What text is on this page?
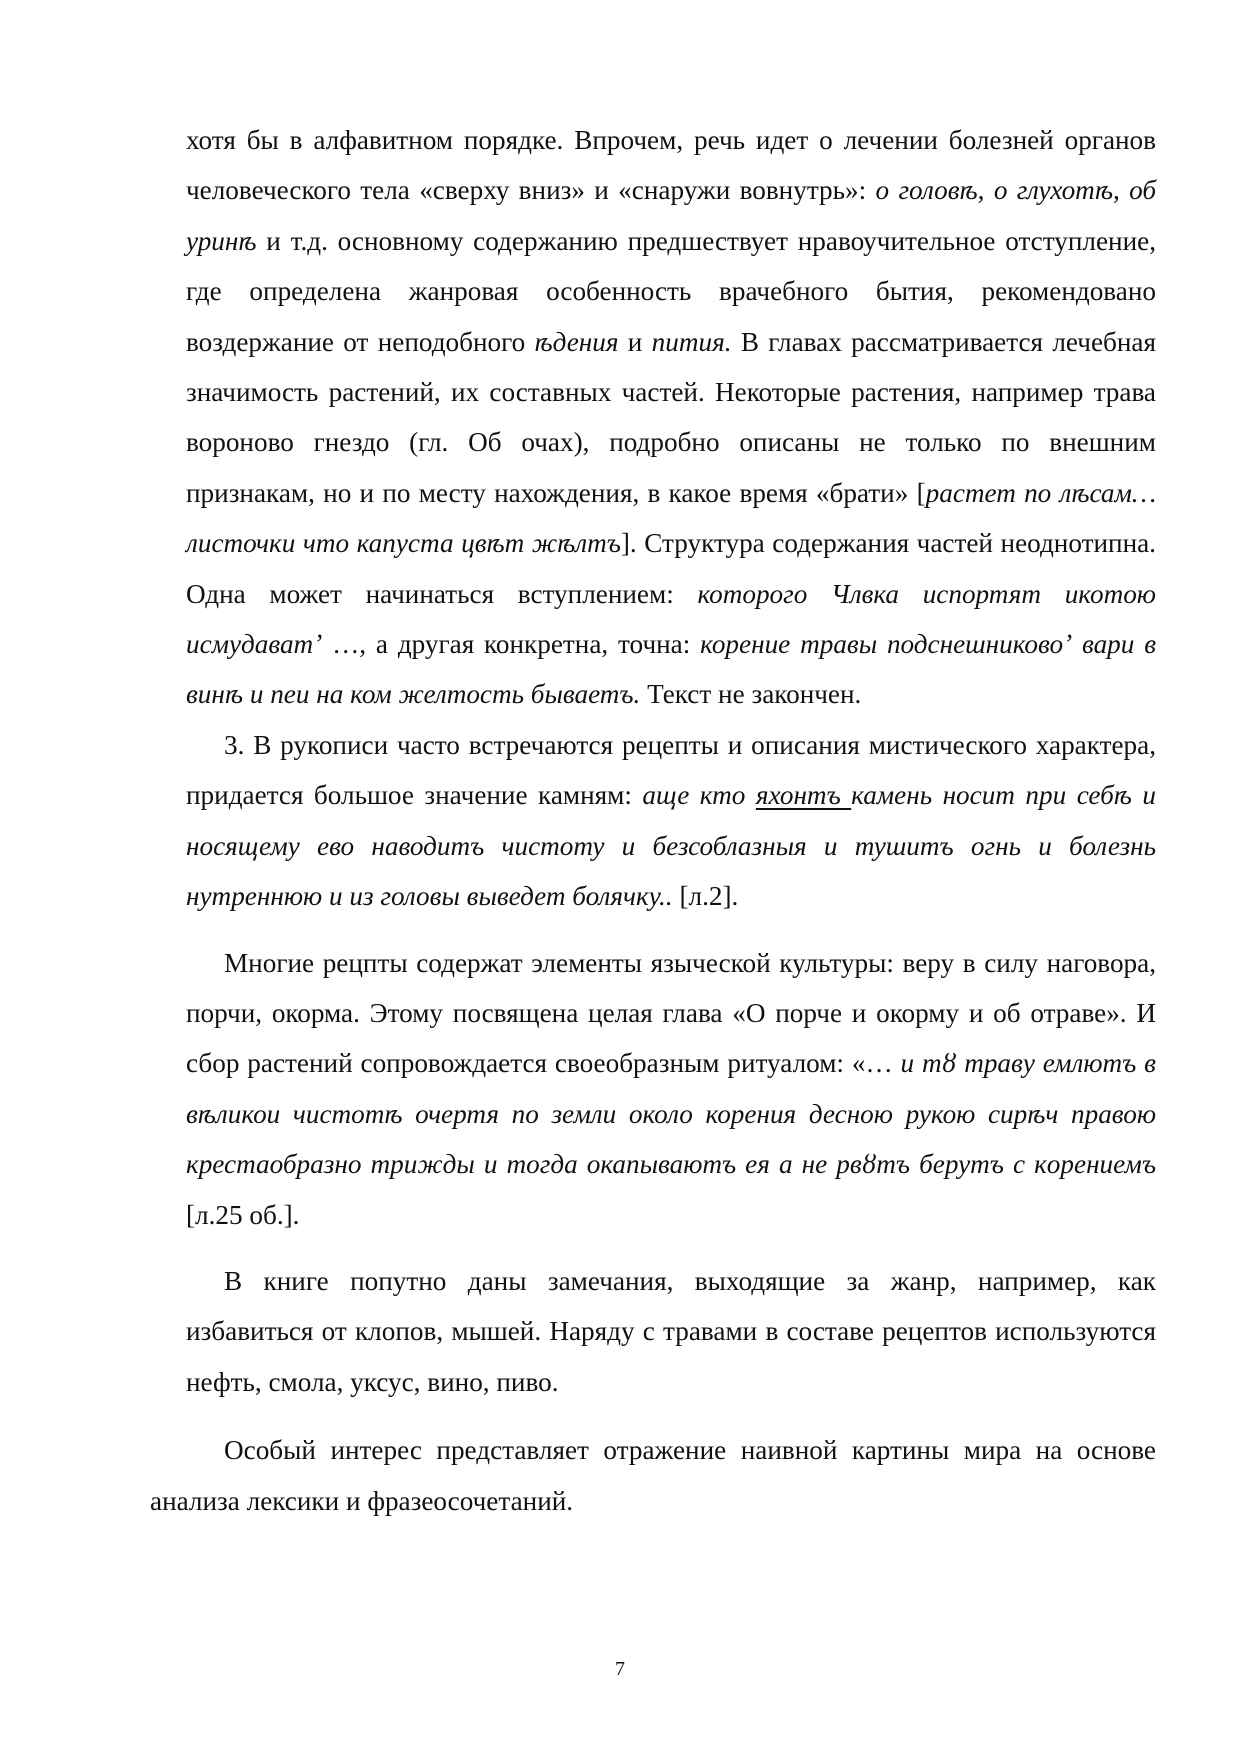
хотя бы в алфавитном порядке. Впрочем, речь идет о лечении болезней органов человеческого тела «сверху вниз» и «снаружи вовнутрь»: о головѣ, о глухотѣ, об уринѣ и т.д. основному содержанию предшествует нравоучительное отступление, где определена жанровая особенность врачебного бытия, рекомендовано воздержание от неподобного ѣдения и пития. В главах рассматривается лечебная значимость растений, их составных частей. Некоторые растения, например трава вороново гнездо (гл. Об очах), подробно описаны не только по внешним признакам, но и по месту нахождения, в какое время «брати» [растет по лѣсам…листочки что капуста цвѣт жѣлтъ]. Структура содержания частей неоднотипна. Одна может начинаться вступлением: которого Члвка испортят икотою исмудаватʼ …, а другая конкретна, точна: корение травы подснешниковоʼ вари в винѣ и пеи на ком желтость бываетъ. Текст не закончен.

3. В рукописи часто встречаются рецепты и описания мистического характера, придается большое значение камням: аще кто яхонтъ камень носит при себѣ и носящему ево наводитъ чистоту и безсоблазныя и тушитъ огнь и болезнь нутреннюю и из головы выведет болячку.. [л.2].

Многие рецпты содержат элементы языческой культуры: веру в силу наговора, порчи, окорма. Этому посвящена целая глава «О порче и окорму и об отраве». И сбор растений сопровождается своеобразным ритуалом: «… и тȣ траву емлютъ в вѣликои чистотѣ очертя по земли около корения десною рукою сирѣч правою крестаобразно трижды и тогда окапываютъ ея а не рвȣтъ берутъ с кoрениемъ [л.25 об.].

В книге попутно даны замечания, выходящие за жанр, например, как избавиться от клопов, мышей. Наряду с травами в составе рецептов используются нефть, смола, уксус, вино, пиво.

Особый интерес представляет отражение наивной картины мира на основе анализа лексики и фразеосочетаний.

7
